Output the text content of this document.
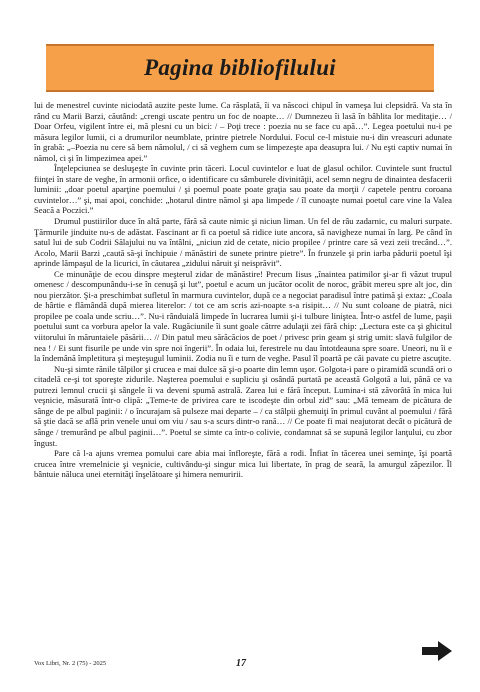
Pagina bibliofilului

lui de menestrel cuvinte niciodată auzite peste lume. Ca răsplată, îi va născoci chipul în vameşa lui clepsidră. Va sta în rând cu Marii Barzi, căutând: „crengi uscate pentru un foc de noapte… // Dumnezeu îi lasă în bâhlita lor meditaţie… / Doar Orfeu, vigilent între ei, mă plesni cu un bici: / – Poţi trece : poezia nu se face cu apă…”. Legea poetului nu-i pe măsura legilor lumii, ci a drumurilor neumblate, printre pietrele Nordului. Focul ce-l mistuie nu-i din vreascuri adunate în grabă: „–Poezia nu cere să bem nămolul, / ci să veghem cum se limpezeşte apa deasupra lui. / Nu eşti captiv numai în nămol, ci şi în limpezimea apei.”

Înţelepciunea se desluşeşte în cuvinte prin tăceri. Locul cuvintelor e luat de glasul ochilor. Cuvintele sunt fructul fiinţei în stare de veghe, în armonii orfice, o identificare cu sâmburele divinităţii, acel semn negru de dinaintea desfacerii luminii: „doar poetul aparţine poemului / şi poemul poate poate graţia sau poate da morţii / capetele pentru coroana cuvintelor…” şi, mai apoi, conchide: „hotarul dintre nămol şi apa limpede / îl cunoaşte numai poetul care vine la Valea Seacă a Poczici.”

Drumul pustiirilor duce în altă parte, fără să caute nimic şi niciun liman. Un fel de râu zadarnic, cu maluri surpate. Ţărmurile jinduite nu-s de adăstat. Fascinant ar fi ca poetul să ridice iute ancora, să navigheze numai în larg. Pe când în satul lui de sub Codrii Sălajului nu va întâlni, „niciun zid de cetate, nicio propilee / printre care să vezi zeii trecând…”. Acolo, Marii Barzi „caută să-şi închipuie / mănăstiri de sunete printre pietre”. În frunzele şi prin iarba pădurii poetul îşi aprinde lămpaşul de la licurici, în căutarea „zidului năruit şi neisprăvit”.

Ce minunăţie de ecou dinspre meşterul zidar de mănăstire! Precum Iisus „înaintea patimilor şi-ar fi văzut trupul omenesc / descompunându-i-se în cenuşă şi lut”, poetul e acum un jucător ocolit de noroc, grăbit mereu spre alt joc, din nou pierzător. Şi-a preschimbat sufletul în marmura cuvintelor, după ce a negociat paradisul între patimă şi extaz: „Coala de hârtie e flămândă după mierea literelor: / tot ce am scris azi-noapte s-a risipit… // Nu sunt coloane de piatră, nici propilee pe coala unde scriu…”. Nu-i rânduială limpede în lucrarea lumii şi-i tulbure liniştea. Într-o astfel de lume, paşii poetului sunt ca vorbura apelor la vale. Rugăciunile îi sunt goale cătrre adulaţii zei fără chip: „Lectura este ca şi ghicitul viitorului în măruntaiele păsării… // Din patul meu sărăcăcios de poet / privesc prin geam şi strig umit: slavă fulgilor de nea ! / Ei sunt fisurile pe unde vin spre noi îngerii”. În odaia lui, ferestrele nu dau întotdeauna spre soare. Uneori, nu îi e la îndemână împletitura şi meşteşugul luminii. Zodia nu îi e turn de veghe. Pasul îl poartă pe căi pavate cu pietre ascuţite.

Nu-şi simte rănile tălpilor şi crucea e mai dulce să şi-o poarte din lemn uşor. Golgota-i pare o piramidă scundă ori o citadelă ce-şi tot sporeşte zidurile. Naşterea poemului e supliciu şi osândă purtată pe această Golgotă a lui, până ce va putrezi lemnul crucii şi sângele îi va deveni spumă astrală. Zarea lui e fără început. Lumina-i stă zăvorâtă în mica lui veşnicie, măsurată într-o clipă: „Teme-te de privirea care te iscodeşte din orbul zid” sau: „Mă temeam de picătura de sânge de pe albul paginii: / o încurajam să pulseze mai departe – / ca stâlpii ghemuiţi în primul cuvânt al poemului / fără să ştie dacă se află prin venele unui om viu / sau s-a scurs dintr-o rană… // Ce poate fi mai neajutorat decât o picătură de sânge / tremurând pe albul paginii…”. Poetul se simte ca într-o colivie, condamnat să se supună legilor lanţului, cu zbor îngust.

Pare că l-a ajuns vremea pomului care abia mai înfloreşte, fără a rodi. Înfiat în tăcerea unei seminţe, îşi poartă crucea între vremelnicie şi veşnicie, cultivându-şi singur mica lui libertate, în prag de seară, la amurgul zăpezilor. Îl bântuie năluca unei eternităţi înşelătoare şi himera nemuririi.

Vox Libri, Nr. 2 (75) - 2025	17
